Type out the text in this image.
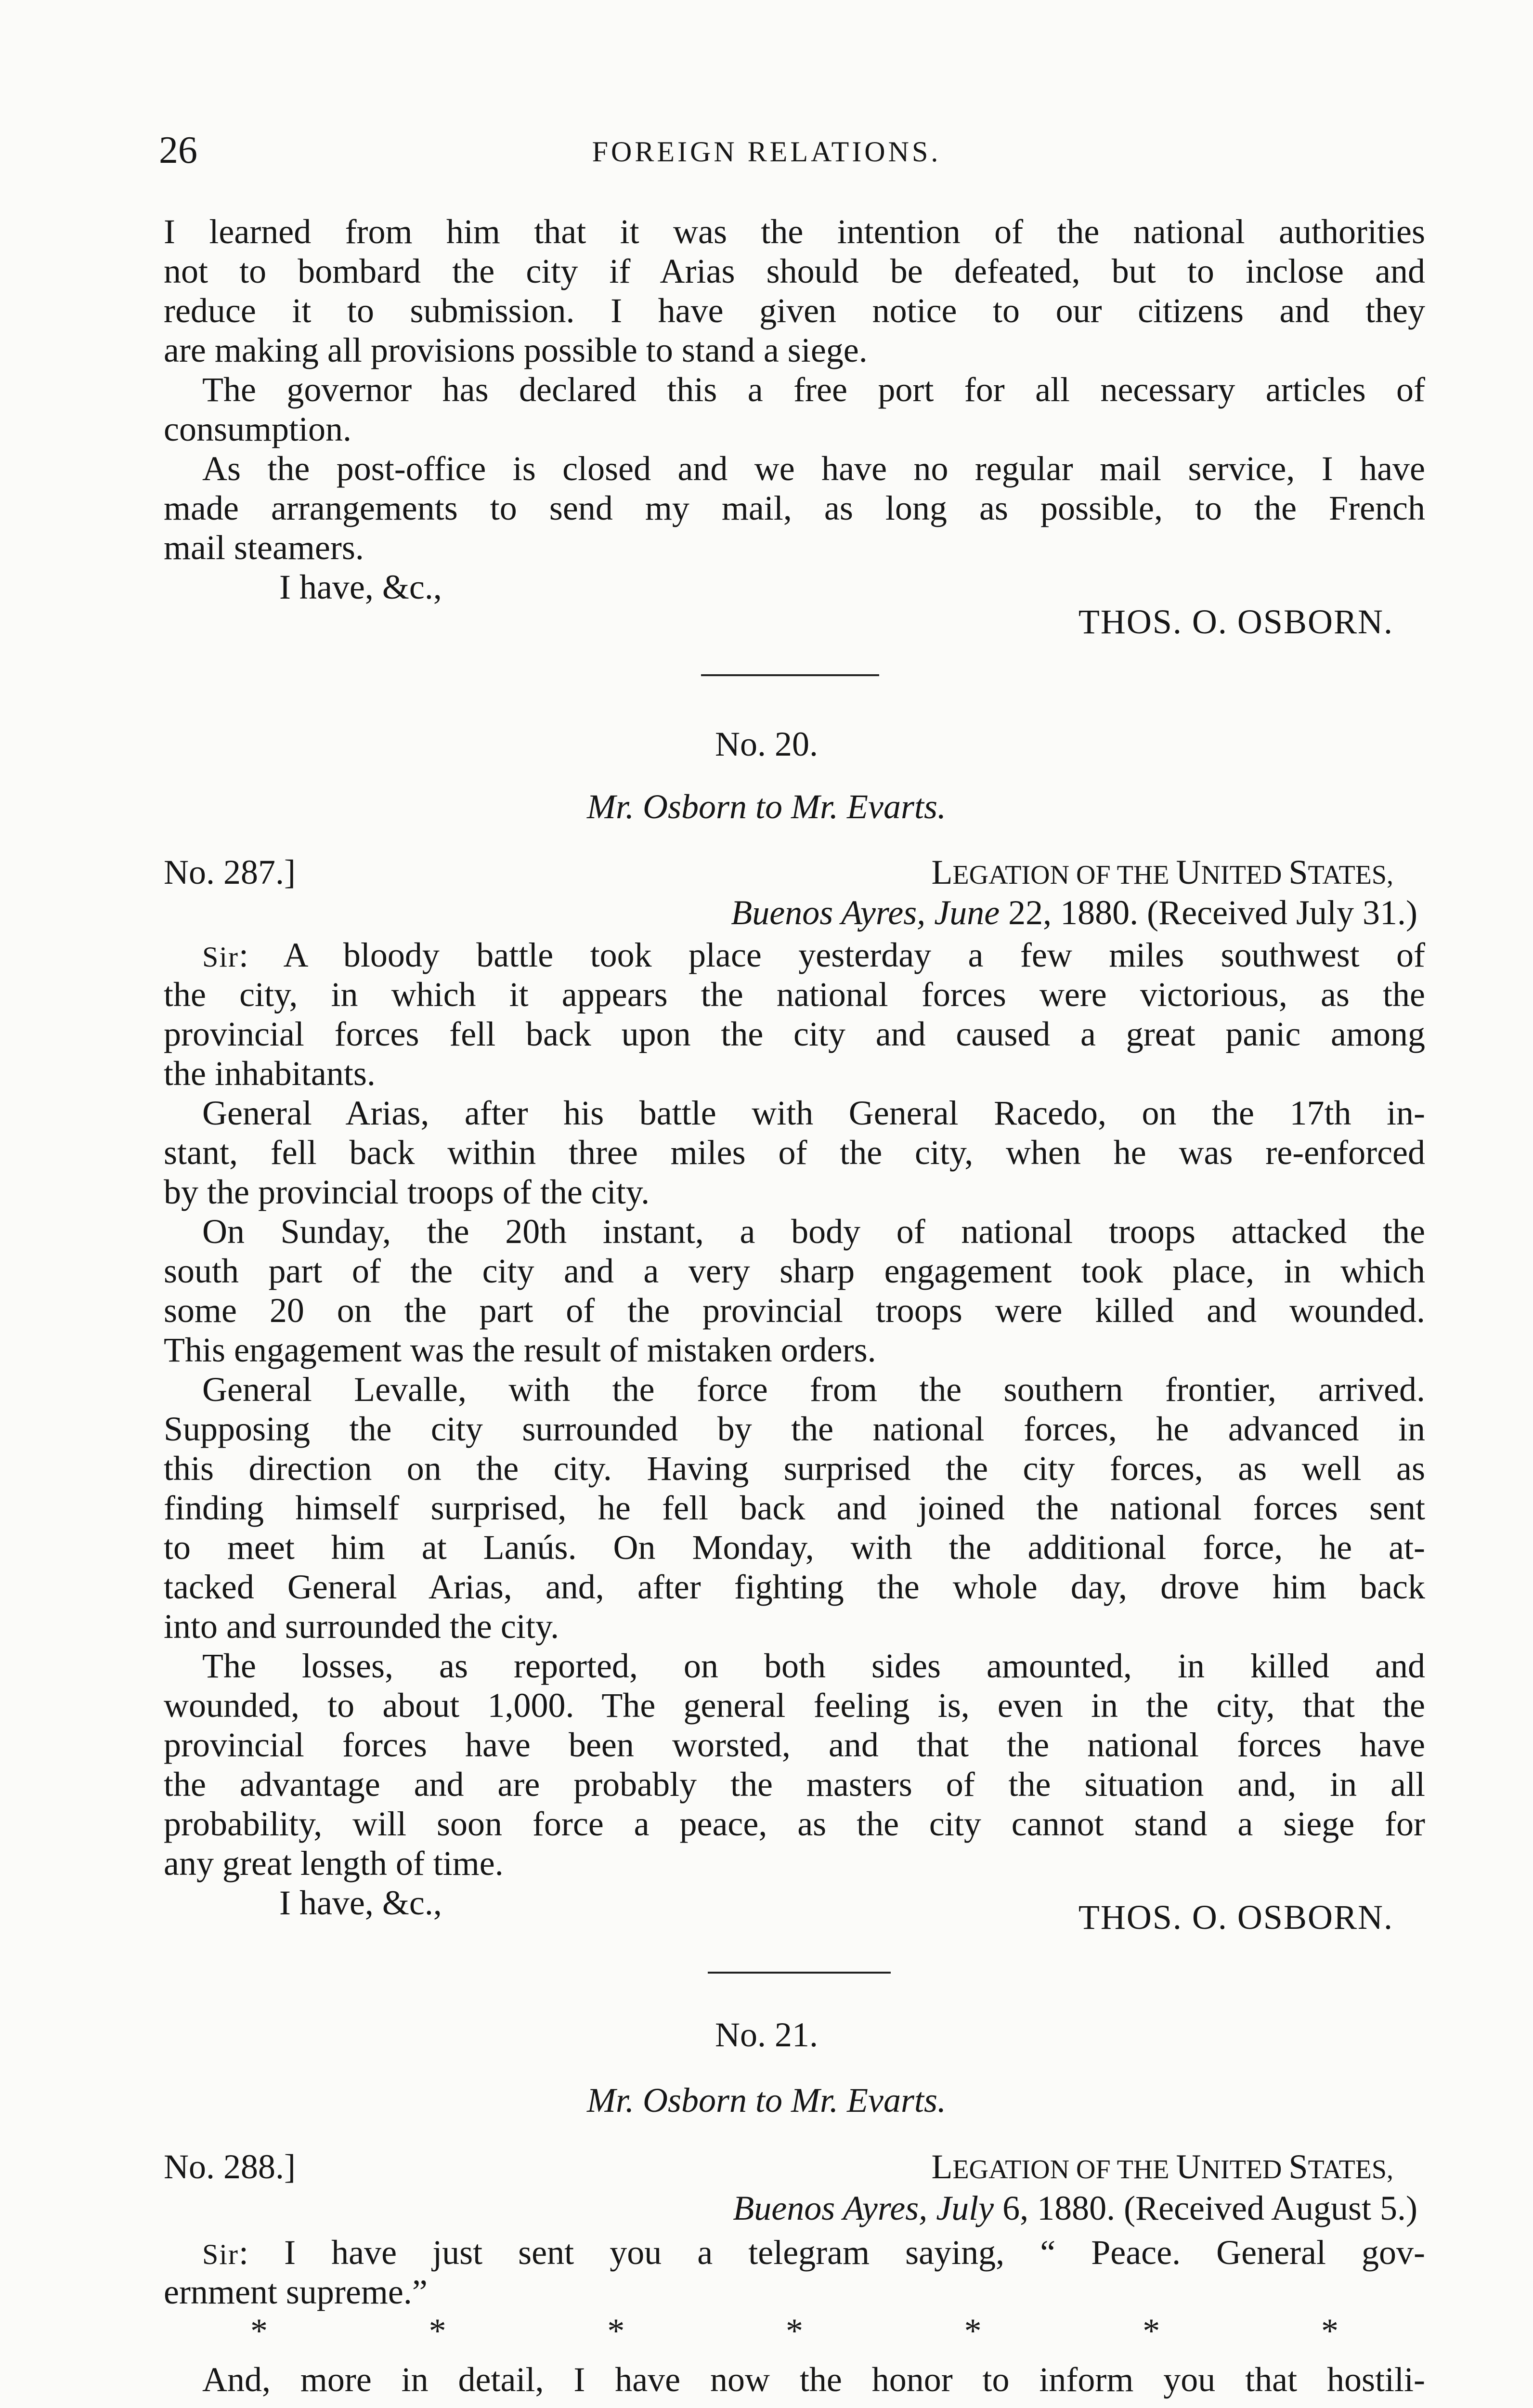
26	FOREIGN RELATIONS.
I learned from him that it was the intention of the national authorities
not to bombard the city if Arias should be defeated, but to inclose and
reduce it to submission. I have given notice to our citizens and they
are making all provisions possible to stand a siege.
The governor has declared this a free port for all necessary articles of
consumption.
As the post-office is closed and we have no regular mail service, I have
made arrangements to send my mail, as long as possible, to the French
mail steamers.
I have, &c.,
THOS. O. OSBORN.
No. 20.
Mr. Osborn to Mr. Evarts.
No. 287.]	LEGATION OF THE UNITED STATES,
Buenos Ayres, June 22, 1880. (Received July 31.)
Sir: A bloody battle took place yesterday a few miles southwest of
the city, in which it appears the national forces were victorious, as the
provincial forces fell back upon the city and caused a great panic among
the inhabitants.
General Arias, after his battle with General Racedo, on the 17th in-
stant, fell back within three miles of the city, when he was re-enforced
by the provincial troops of the city.
On Sunday, the 20th instant, a body of national troops attacked the
south part of the city and a very sharp engagement took place, in which
some 20 on the part of the provincial troops were killed and wounded.
This engagement was the result of mistaken orders.
General Levalle, with the force from the southern frontier, arrived.
Supposing the city surrounded by the national forces, he advanced in
this direction on the city. Having surprised the city forces, as well as
finding himself surprised, he fell back and joined the national forces sent
to meet him at Lanús. On Monday, with the additional force, he at-
tacked General Arias, and, after fighting the whole day, drove him back
into and surrounded the city.
The losses, as reported, on both sides amounted, in killed and
wounded, to about 1,000. The general feeling is, even in the city, that the
provincial forces have been worsted, and that the national forces have
the advantage and are probably the masters of the situation and, in all
probability, will soon force a peace, as the city cannot stand a siege for
any great length of time.
I have, &c.,	THOS. O. OSBORN.
No. 21.
Mr. Osborn to Mr. Evarts.
No. 288.]	LEGATION OF THE UNITED STATES,
Buenos Ayres, July 6, 1880. (Received August 5.)
Sir: I have just sent you a telegram saying, “ Peace. General gov-
ernment supreme.”
*	*	*	*	*	*	*
And, more in detail, I have now the honor to inform you that hostili-
